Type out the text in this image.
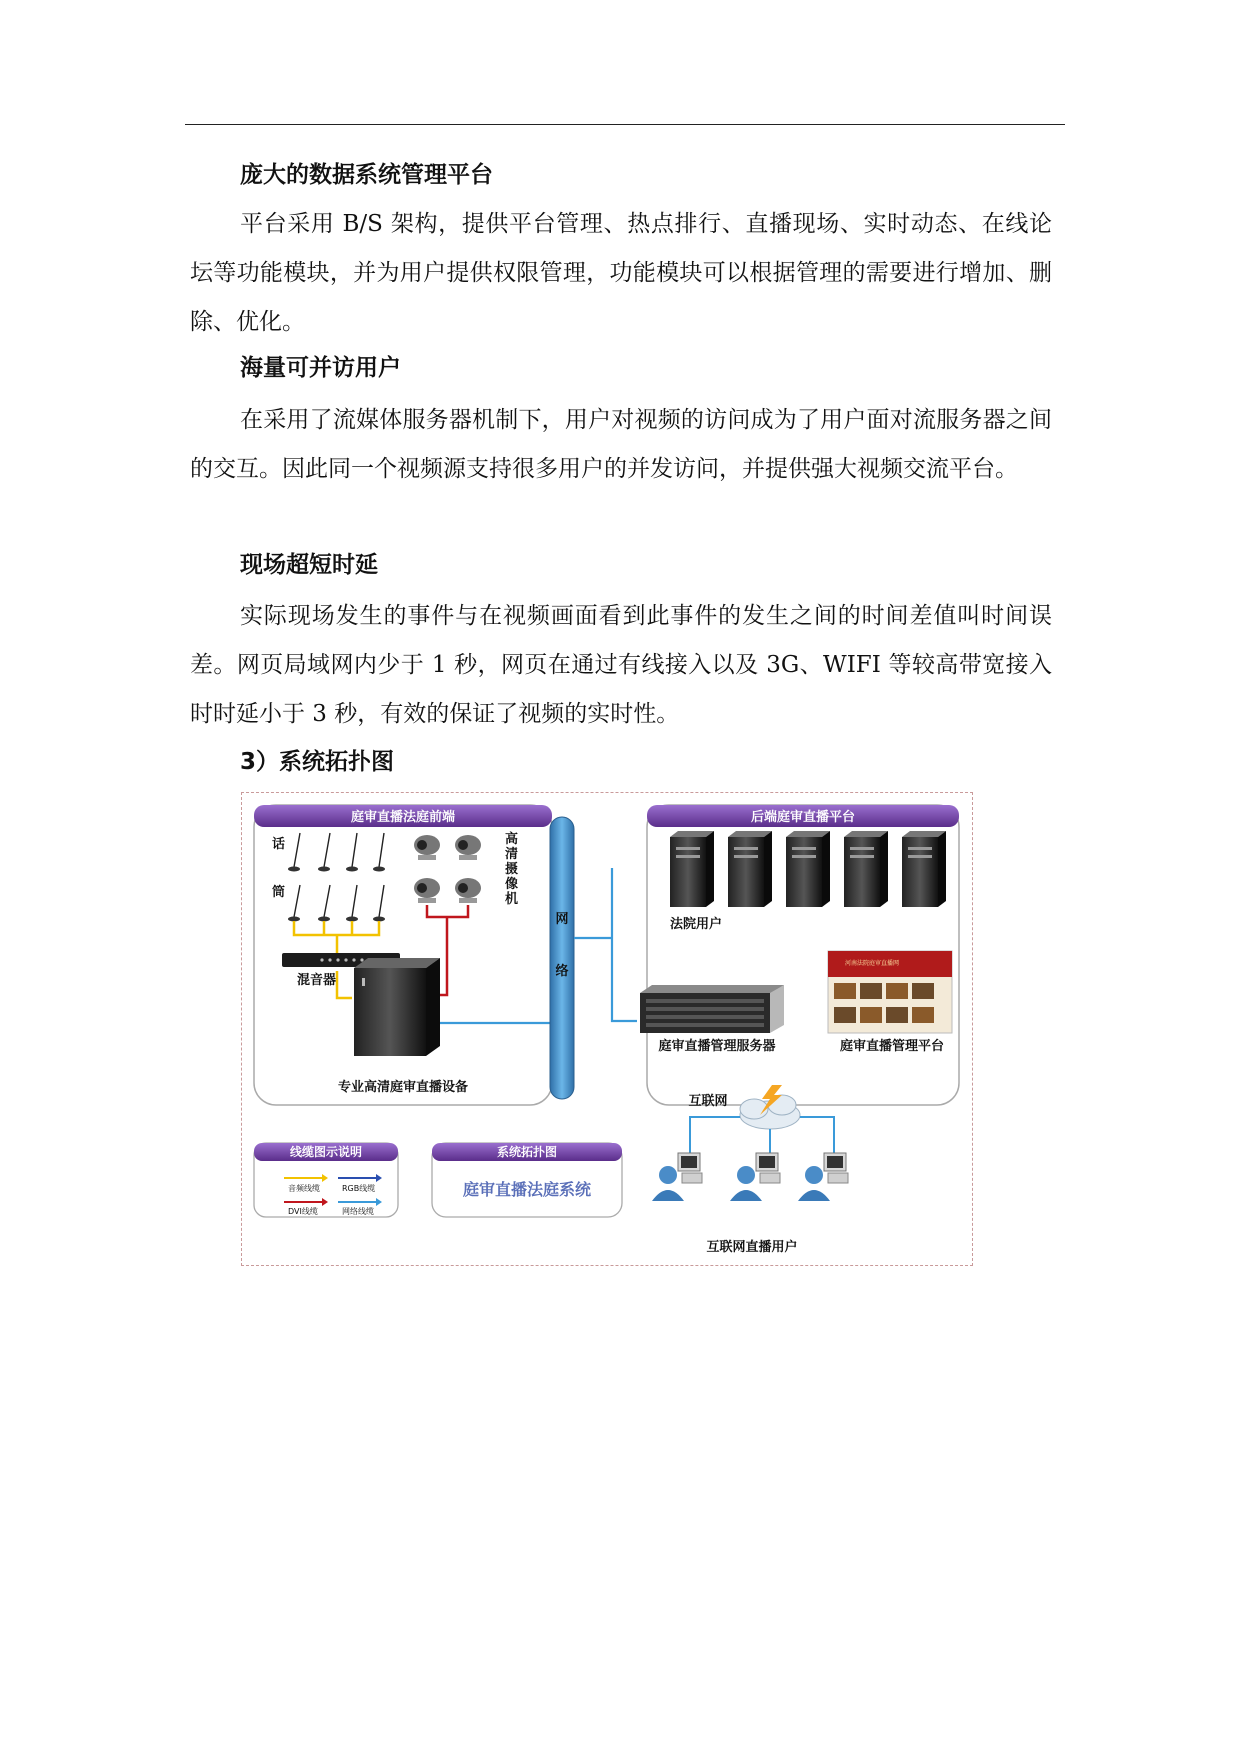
庞大的数据系统管理平台

平台采用 B/S 架构，提供平台管理、热点排行、直播现场、实时动态、在线论坛等功能模块，并为用户提供权限管理，功能模块可以根据管理的需要进行增加、删除、优化。

海量可并访用户

在采用了流媒体服务器机制下，用户对视频的访问成为了用户面对流服务器之间的交互。因此同一个视频源支持很多用户的并发访问，并提供强大视频交流平台。

现场超短时延

实际现场发生的事件与在视频画面看到此事件的发生之间的时间差值叫时间误差。网页局域网内少于 1 秒，网页在通过有线接入以及 3G、WIFI 等较高带宽接入时时延小于 3 秒，有效的保证了视频的实时性。

3）系统拓扑图
庭审直播法庭前端
话
筒
混音器
高
清
摄
像
机
专业高清庭审直播设备
网
络
后端庭审直播平台
法院用户
庭审直播管理服务器
河南法院庭审直播网
庭审直播管理平台
互联网
互联网直播用户
线缆图示说明
音频线缆	RGB线缆
DVI线缆	网络线缆
系统拓扑图
庭审直播法庭系统
